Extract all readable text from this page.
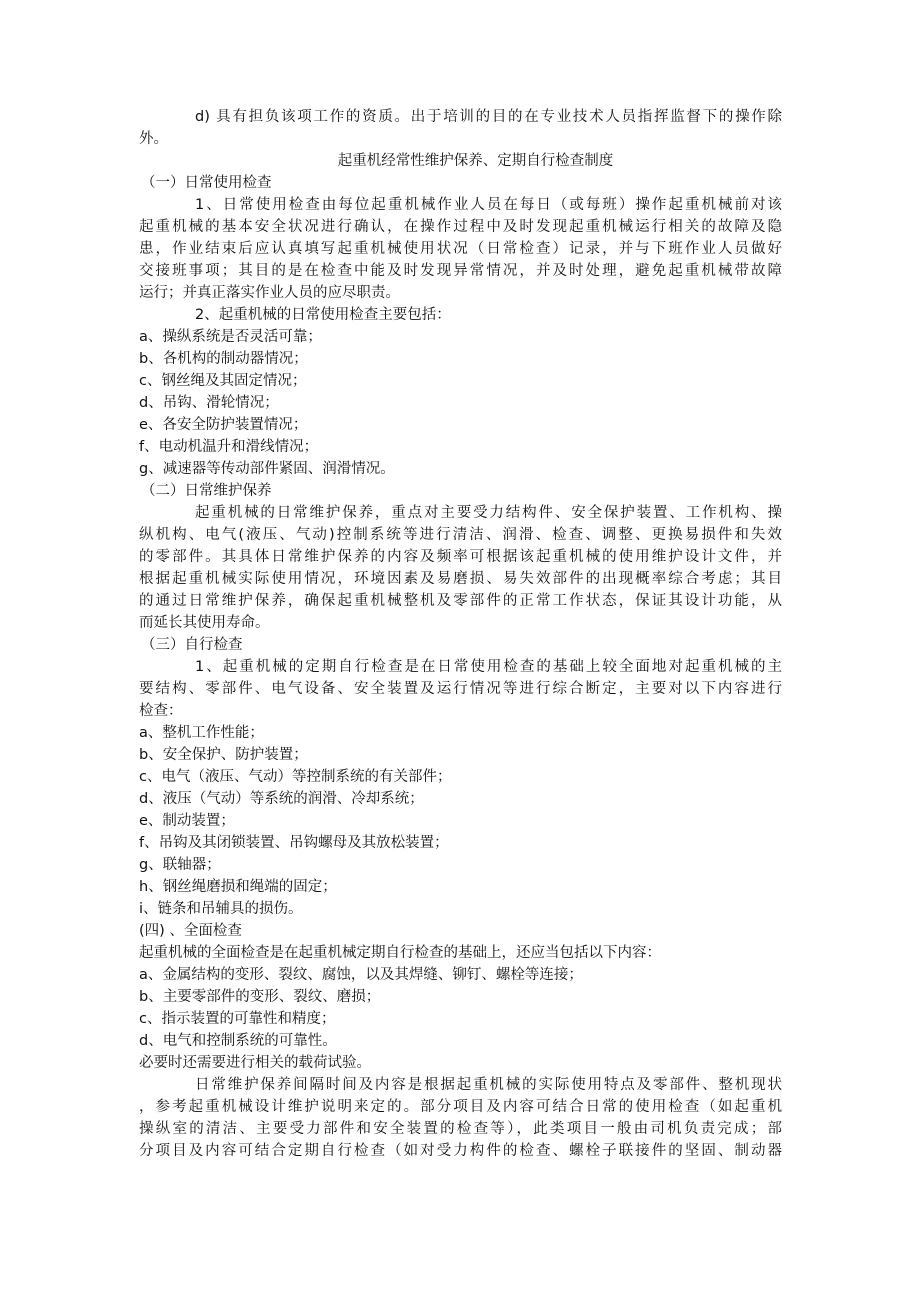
d) 具有担负该项工作的资质。出于培训的目的在专业技术人员指挥监督下的操作除
外。
起重机经常性维护保养、定期自行检查制度
（一）日常使用检查
1、日常使用检查由每位起重机械作业人员在每日（或每班）操作起重机械前对该
起重机械的基本安全状况进行确认，在操作过程中及时发现起重机械运行相关的故障及隐
患，作业结束后应认真填写起重机械使用状况（日常检查）记录，并与下班作业人员做好
交接班事项；其目的是在检查中能及时发现异常情况，并及时处理，避免起重机械带故障
运行；并真正落实作业人员的应尽职责。
2、起重机械的日常使用检查主要包括：
a、操纵系统是否灵活可靠；
b、各机构的制动器情况；
c、钢丝绳及其固定情况；
d、吊钩、滑轮情况；
e、各安全防护装置情况；
f、电动机温升和滑线情况；
g、减速器等传动部件紧固、润滑情况。
（二）日常维护保养
起重机械的日常维护保养，重点对主要受力结构件、安全保护装置、工作机构、操
纵机构、电气(液压、气动)控制系统等进行清洁、润滑、检查、调整、更换易损件和失效
的零部件。其具体日常维护保养的内容及频率可根据该起重机械的使用维护设计文件，并
根据起重机械实际使用情况，环境因素及易磨损、易失效部件的出现概率综合考虑；其目
的通过日常维护保养，确保起重机械整机及零部件的正常工作状态，保证其设计功能，从
而延长其使用寿命。
（三）自行检查
1、起重机械的定期自行检查是在日常使用检查的基础上较全面地对起重机械的主
要结构、零部件、电气设备、安全装置及运行情况等进行综合断定，主要对以下内容进行
检查：
a、整机工作性能；
b、安全保护、防护装置；
c、电气（液压、气动）等控制系统的有关部件；
d、液压（气动）等系统的润滑、冷却系统；
e、制动装置；
f、吊钩及其闭锁装置、吊钩螺母及其放松装置；
g、联轴器；
h、钢丝绳磨损和绳端的固定；
i、链条和吊辅具的损伤。
(四) 、全面检查
起重机械的全面检查是在起重机械定期自行检查的基础上，还应当包括以下内容：
a、金属结构的变形、裂纹、腐蚀，以及其焊缝、铆钉、螺栓等连接；
b、主要零部件的变形、裂纹、磨损；
c、指示装置的可靠性和精度；
d、电气和控制系统的可靠性。
必要时还需要进行相关的载荷试验。
日常维护保养间隔时间及内容是根据起重机械的实际使用特点及零部件、整机现状
，参考起重机械设计维护说明来定的。部分项目及内容可结合日常的使用检查（如起重机
操纵室的清洁、主要受力部件和安全装置的检查等），此类项目一般由司机负责完成；部
分项目及内容可结合定期自行检查（如对受力构件的检查、螺栓子联接件的坚固、制动器
